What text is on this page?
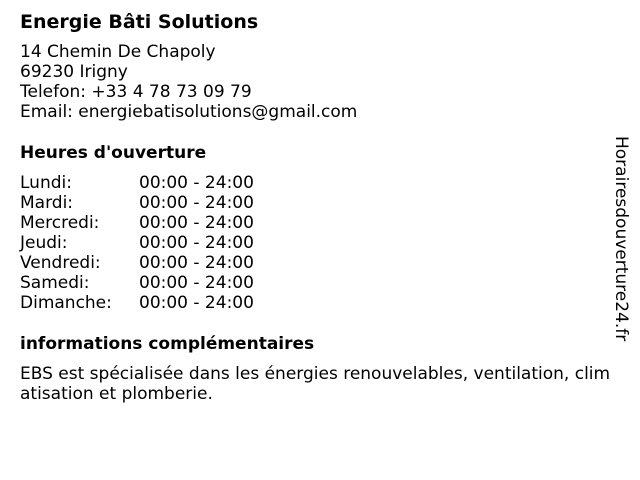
Energie Bâti Solutions
14 Chemin De Chapoly
69230 Irigny
Telefon: +33 4 78 73 09 79
Email: energiebatisolutions@gmail.com
Heures d'ouverture
Lundi:	00:00 - 24:00
Mardi:	00:00 - 24:00
Mercredi:	00:00 - 24:00
Jeudi:	00:00 - 24:00
Vendredi:	00:00 - 24:00
Samedi:	00:00 - 24:00
Dimanche:	00:00 - 24:00
informations complémentaires
EBS est spécialisée dans les énergies renouvelables, ventilation, climatisation et plomberie.
Horairesdouverture24.fr
